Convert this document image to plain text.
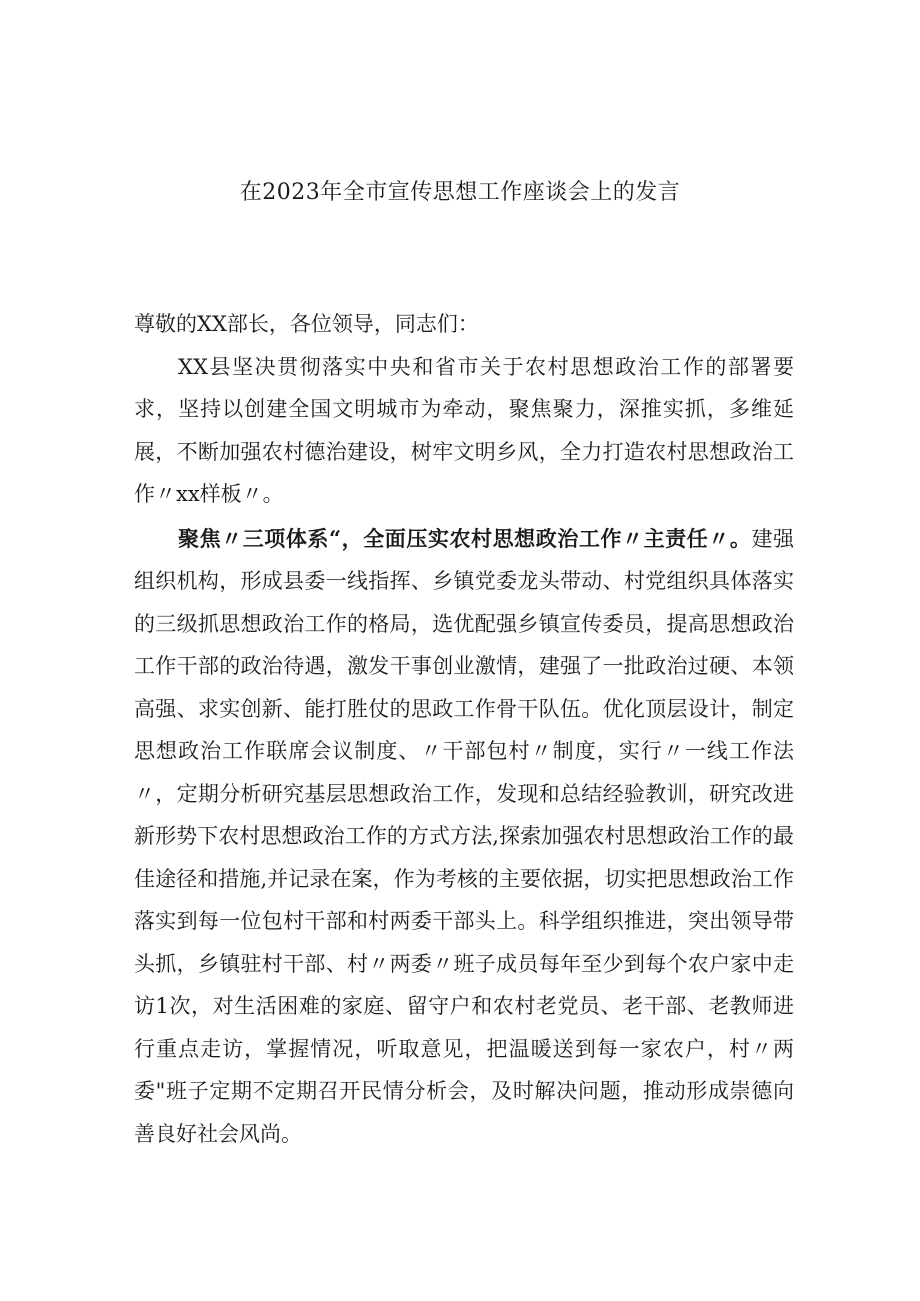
在2023年全市宣传思想工作座谈会上的发言

尊敬的XX部长，各位领导，同志们：

XX县坚决贯彻落实中央和省市关于农村思想政治工作的部署要求，坚持以创建全国文明城市为牵动，聚焦聚力，深推实抓，多维延展，不断加强农村德治建设，树牢文明乡风，全力打造农村思想政治工作〃xx样板〃。

聚焦〃三项体系“，全面压实农村思想政治工作〃主责任〃。建强组织机构，形成县委一线指挥、乡镇党委龙头带动、村党组织具体落实的三级抓思想政治工作的格局，选优配强乡镇宣传委员，提高思想政治工作干部的政治待遇，激发干事创业激情，建强了一批政治过硬、本领高强、求实创新、能打胜仗的思政工作骨干队伍。优化顶层设计，制定思想政治工作联席会议制度、〃干部包村〃制度，实行〃一线工作法〃，定期分析研究基层思想政治工作，发现和总结经验教训，研究改进新形势下农村思想政治工作的方式方法,探索加强农村思想政治工作的最佳途径和措施,并记录在案，作为考核的主要依据，切实把思想政治工作落实到每一位包村干部和村两委干部头上。科学组织推进，突出领导带头抓，乡镇驻村干部、村〃两委〃班子成员每年至少到每个农户家中走访1次，对生活困难的家庭、留守户和农村老党员、老干部、老教师进行重点走访，掌握情况，听取意见，把温暖送到每一家农户，村〃两委"班子定期不定期召开民情分析会，及时解决问题，推动形成崇德向善良好社会风尚。
